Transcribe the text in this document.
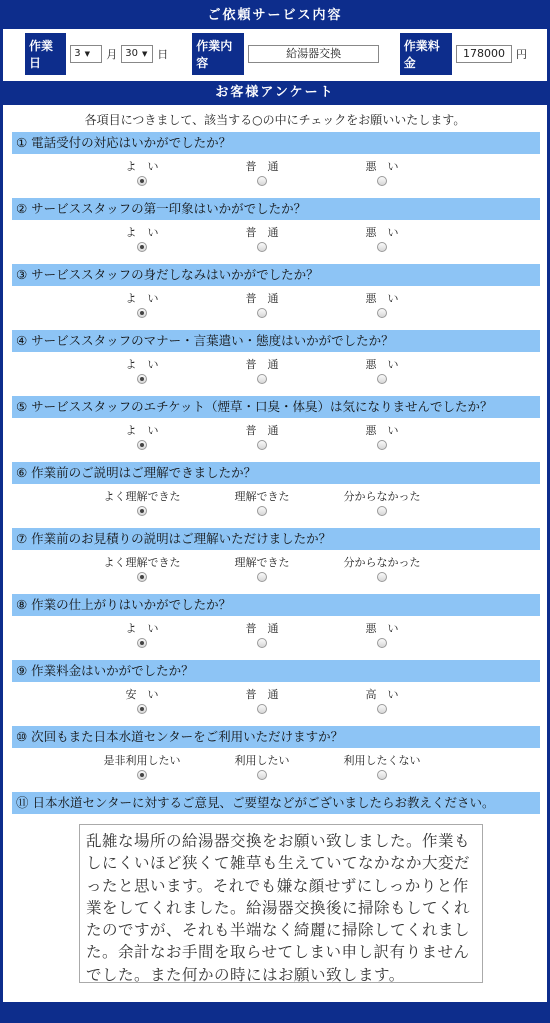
ご依頼サービス内容
作業日
3 ▼ 月 30 ▼ 日
作業内容
給湯器交換
作業料金
178000	円
お客様アンケート
各項目につきまして、該当する○の中にチェックをお願いいたします。
① 電話受付の対応はいかがでしたか？
よ　い	普　通	悪　い
② サービススタッフの第一印象はいかがでしたか？
よ　い	普　通	悪　い
③ サービススタッフの身だしなみはいかがでしたか？
よ　い	普　通	悪　い
④ サービススタッフのマナー・言葉遣い・態度はいかがでしたか？
よ　い	普　通	悪　い
⑤ サービススタッフのエチケット（煙草・口臭・体臭）は気になりませんでしたか？
よ　い	普　通	悪　い
⑥ 作業前のご説明はご理解できましたか？
よく理解できた	理解できた	分からなかった
⑦ 作業前のお見積りの説明はご理解いただけましたか？
よく理解できた	理解できた	分からなかった
⑧ 作業の仕上がりはいかがでしたか？
よ　い	普　通	悪　い
⑨ 作業料金はいかがでしたか？
安　い	普　通	高　い
⑩ 次回もまた日本水道センターをご利用いただけますか？
是非利用したい	利用したい	利用したくない
⑪ 日本水道センターに対するご意見、ご要望などがございましたらお教えください。
乱雑な場所の給湯器交換をお願い致しました。作業もしにくいほど狭くて雑草も生えていてなかなか大変だったと思います。それでも嫌な顔せずにしっかりと作業をしてくれました。給湯器交換後に掃除もしてくれたのですが、それも半端なく綺麗に掃除してくれました。余計なお手間を取らせてしまい申し訳有りませんでした。また何かの時にはお願い致します。
